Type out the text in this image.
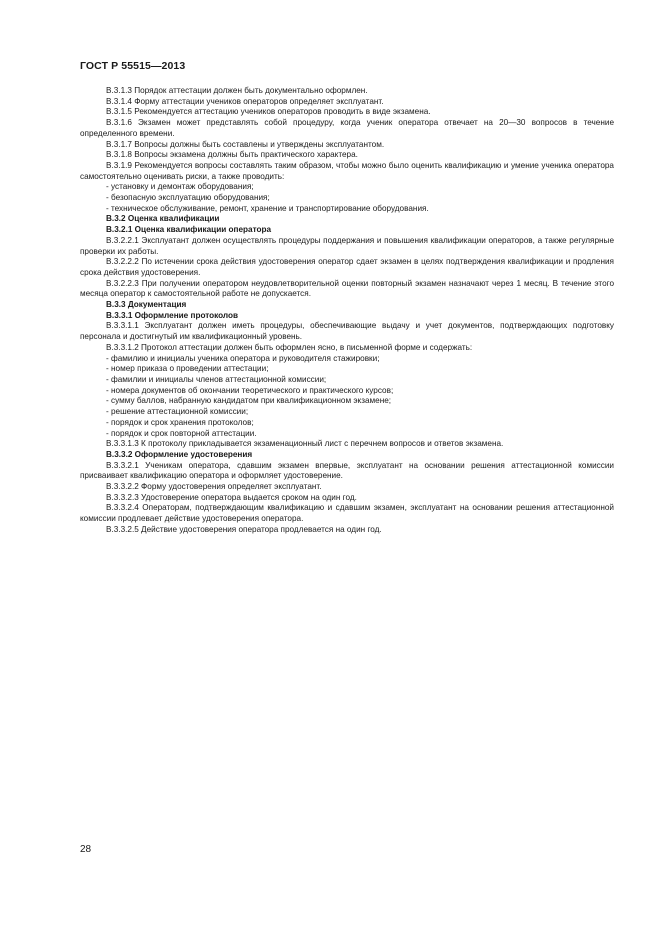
ГОСТ Р 55515—2013
В.3.1.3 Порядок аттестации должен быть документально оформлен.
В.3.1.4 Форму аттестации учеников операторов определяет эксплуатант.
В.3.1.5 Рекомендуется аттестацию учеников операторов проводить в виде экзамена.
В.3.1.6 Экзамен может представлять собой процедуру, когда ученик оператора отвечает на 20—30 вопросов в течение определенного времени.
В.3.1.7 Вопросы должны быть составлены и утверждены эксплуатантом.
В.3.1.8 Вопросы экзамена должны быть практического характера.
В.3.1.9 Рекомендуется вопросы составлять таким образом, чтобы можно было оценить квалификацию и умение ученика оператора самостоятельно оценивать риски, а также проводить:
- установку и демонтаж оборудования;
- безопасную эксплуатацию оборудования;
- техническое обслуживание, ремонт, хранение и транспортирование оборудования.
В.3.2 Оценка квалификации
В.3.2.1 Оценка квалификации оператора
В.3.2.2.1 Эксплуатант должен осуществлять процедуры поддержания и повышения квалификации операторов, а также регулярные проверки их работы.
В.3.2.2.2 По истечении срока действия удостоверения оператор сдает экзамен в целях подтверждения квалификации и продления срока действия удостоверения.
В.3.2.2.3 При получении оператором неудовлетворительной оценки повторный экзамен назначают через 1 месяц. В течение этого месяца оператор к самостоятельной работе не допускается.
В.3.3 Документация
В.3.3.1 Оформление протоколов
В.3.3.1.1 Эксплуатант должен иметь процедуры, обеспечивающие выдачу и учет документов, подтверждающих подготовку персонала и достигнутый им квалификационный уровень.
В.3.3.1.2 Протокол аттестации должен быть оформлен ясно, в письменной форме и содержать:
- фамилию и инициалы ученика оператора и руководителя стажировки;
- номер приказа о проведении аттестации;
- фамилии и инициалы членов аттестационной комиссии;
- номера документов об окончании теоретического и практического курсов;
- сумму баллов, набранную кандидатом при квалификационном экзамене;
- решение аттестационной комиссии;
- порядок и срок хранения протоколов;
- порядок и срок повторной аттестации.
В.3.3.1.3 К протоколу прикладывается экзаменационный лист с перечнем вопросов и ответов экзамена.
В.3.3.2 Оформление удостоверения
В.3.3.2.1 Ученикам оператора, сдавшим экзамен впервые, эксплуатант на основании решения аттестационной комиссии присваивает квалификацию оператора и оформляет удостоверение.
В.3.3.2.2 Форму удостоверения определяет эксплуатант.
В.3.3.2.3 Удостоверение оператора выдается сроком на один год.
В.3.3.2.4 Операторам, подтверждающим квалификацию и сдавшим экзамен, эксплуатант на основании решения аттестационной комиссии продлевает действие удостоверения оператора.
В.3.3.2.5 Действие удостоверения оператора продлевается на один год.
28
